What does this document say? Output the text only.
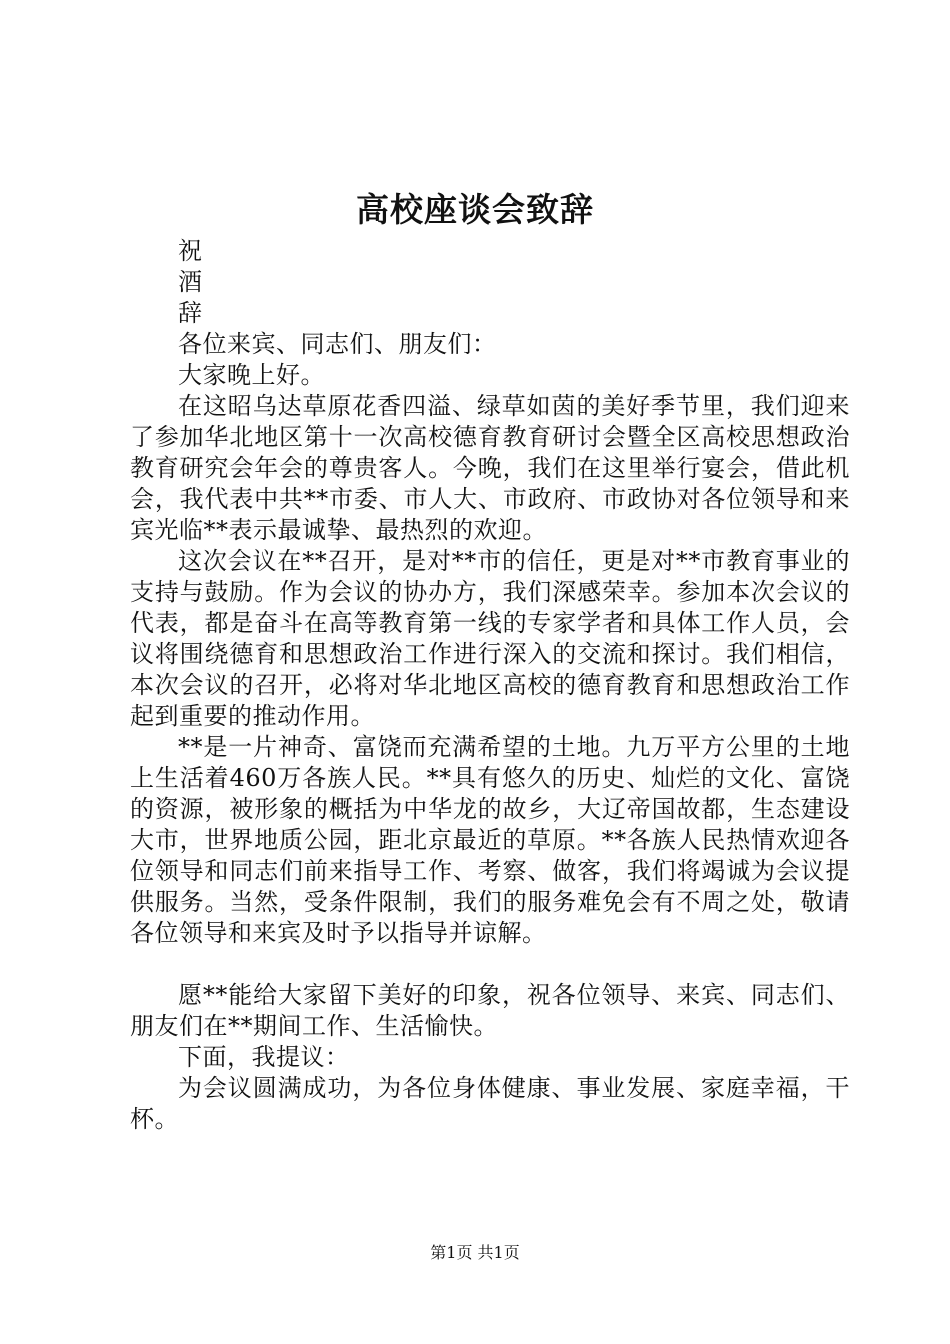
高校座谈会致辞

祝

酒

辞

各位来宾、同志们、朋友们：

大家晚上好。

在这昭乌达草原花香四溢、绿草如茵的美好季节里，我们迎来了参加华北地区第十一次高校德育教育研讨会暨全区高校思想政治教育研究会年会的尊贵客人。今晚，我们在这里举行宴会，借此机会，我代表中共**市委、市人大、市政府、市政协对各位领导和来宾光临**表示最诚挚、最热烈的欢迎。

这次会议在**召开，是对**市的信任，更是对**市教育事业的支持与鼓励。作为会议的协办方，我们深感荣幸。参加本次会议的代表，都是奋斗在高等教育第一线的专家学者和具体工作人员，会议将围绕德育和思想政治工作进行深入的交流和探讨。我们相信，本次会议的召开，必将对华北地区高校的德育教育和思想政治工作起到重要的推动作用。

**是一片神奇、富饶而充满希望的土地。九万平方公里的土地上生活着460万各族人民。**具有悠久的历史、灿烂的文化、富饶的资源，被形象的概括为中华龙的故乡，大辽帝国故都，生态建设大市，世界地质公园，距北京最近的草原。**各族人民热情欢迎各位领导和同志们前来指导工作、考察、做客，我们将竭诚为会议提供服务。当然，受条件限制，我们的服务难免会有不周之处，敬请各位领导和来宾及时予以指导并谅解。

愿**能给大家留下美好的印象，祝各位领导、来宾、同志们、朋友们在**期间工作、生活愉快。

下面，我提议：

为会议圆满成功，为各位身体健康、事业发展、家庭幸福，干杯。

第1页 共1页
